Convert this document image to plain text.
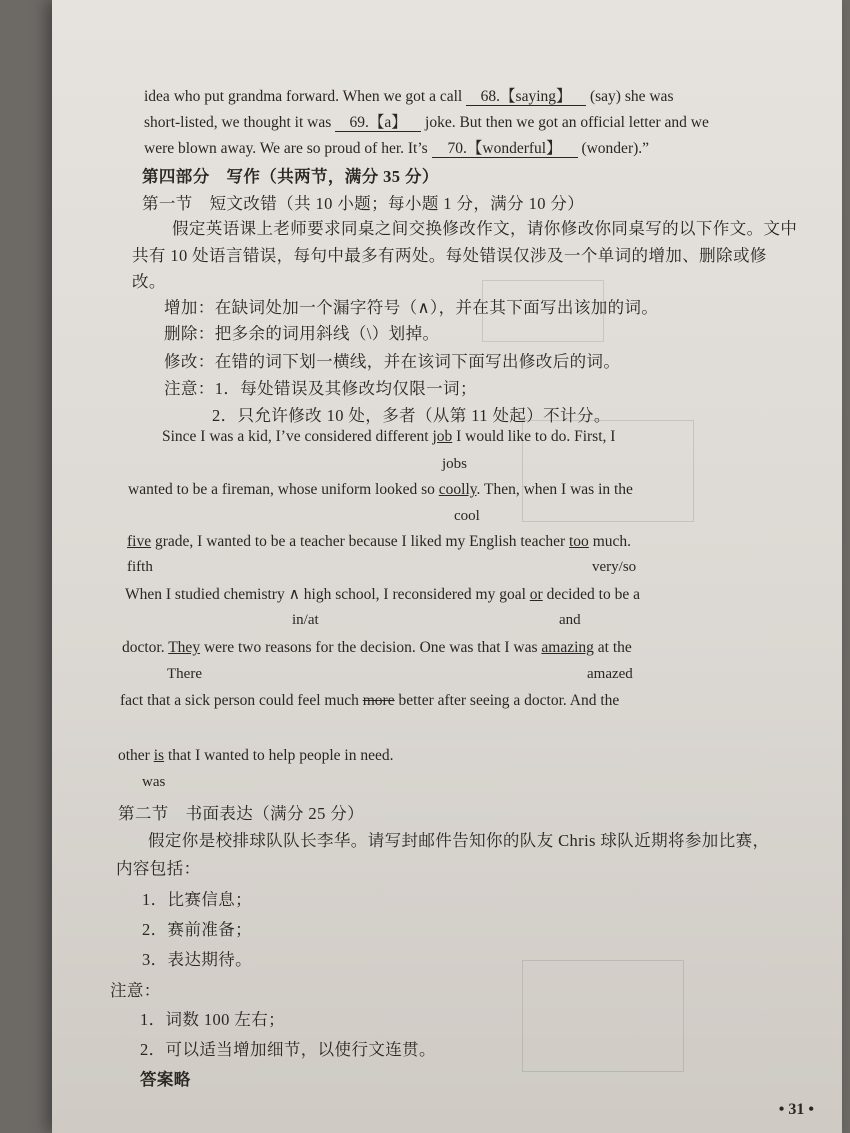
idea who put grandma forward. When we got a call 68.【saying】 (say) she was
short-listed, we thought it was 69.【a】 joke. But then we got an official letter and we
were blown away. We are so proud of her. It’s 70.【wonderful】 (wonder).”
第四部分　写作（共两节，满分 35 分）
第一节　短文改错（共 10 小题；每小题 1 分，满分 10 分）
假定英语课上老师要求同桌之间交换修改作文，请你修改你同桌写的以下作文。文中
共有 10 处语言错误，每句中最多有两处。每处错误仅涉及一个单词的增加、删除或修
改。
增加：在缺词处加一个漏字符号（∧），并在其下面写出该加的词。
删除：把多余的词用斜线（\）划掉。
修改：在错的词下划一横线，并在该词下面写出修改后的词。
注意：1．每处错误及其修改均仅限一词；
2．只允许修改 10 处，多者（从第 11 处起）不计分。
Since I was a kid, I’ve considered different job I would like to do. First, I
jobs
wanted to be a fireman, whose uniform looked so coolly. Then, when I was in the
cool
five grade, I wanted to be a teacher because I liked my English teacher too much.
fifth	very/so
When I studied chemistry ∧ high school, I reconsidered my goal or decided to be a
in/at	and
doctor. They were two reasons for the decision. One was that I was amazing at the
There	amazed
fact that a sick person could feel much more better after seeing a doctor. And the
other is that I wanted to help people in need.
was
第二节　书面表达（满分 25 分）
假定你是校排球队队长李华。请写封邮件告知你的队友 Chris 球队近期将参加比赛，
内容包括：
1．比赛信息；
2．赛前准备；
3．表达期待。
注意：
1．词数 100 左右；
2．可以适当增加细节，以使行文连贯。
答案略
• 31 •
